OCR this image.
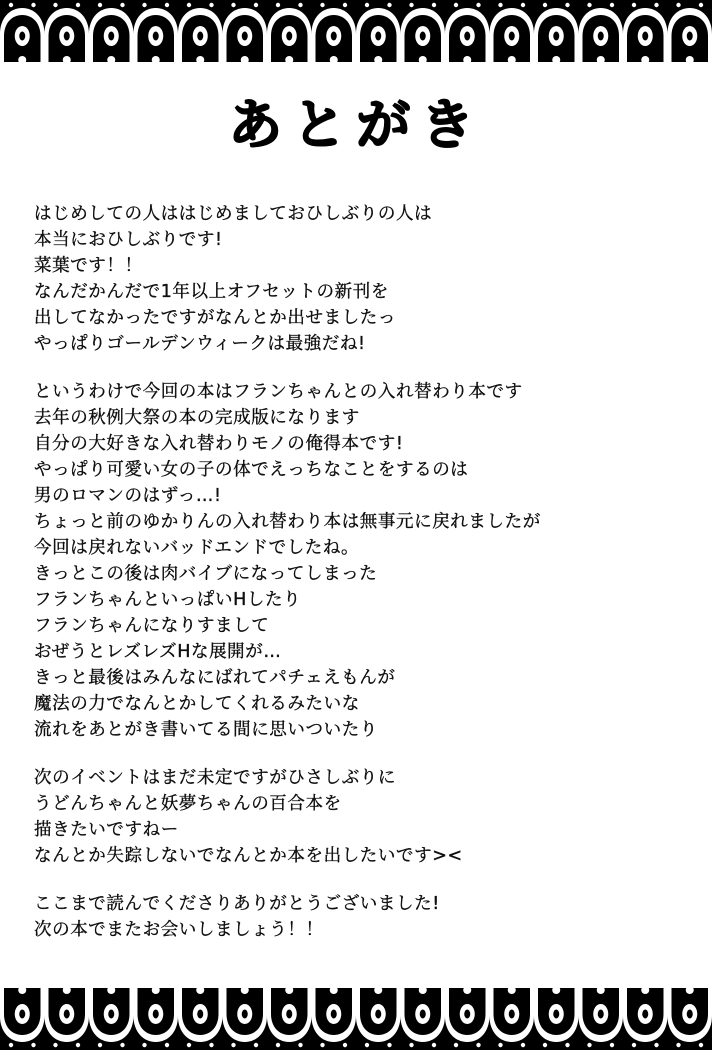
あとがき
はじめしての人ははじめましておひしぶりの人は
本当におひしぶりです!
菜葉です！！
なんだかんだで1年以上オフセットの新刊を
出してなかったですがなんとか出せましたっ
やっぱりゴールデンウィークは最強だね!
というわけで今回の本はフランちゃんとの入れ替わり本です
去年の秋例大祭の本の完成版になります
自分の大好きな入れ替わりモノの俺得本です!
やっぱり可愛い女の子の体でえっちなことをするのは
男のロマンのはずっ…!
ちょっと前のゆかりんの入れ替わり本は無事元に戻れましたが
今回は戻れないバッドエンドでしたね。
きっとこの後は肉バイブになってしまった
フランちゃんといっぱいHしたり
フランちゃんになりすまして
おぜうとレズレズHな展開が…
きっと最後はみんなにばれてパチェえもんが
魔法の力でなんとかしてくれるみたいな
流れをあとがき書いてる間に思いついたり
次のイベントはまだ未定ですがひさしぶりに
うどんちゃんと妖夢ちゃんの百合本を
描きたいですねー
なんとか失踪しないでなんとか本を出したいです><
ここまで読んでくださりありがとうございました!
次の本でまたお会いしましょう！！
